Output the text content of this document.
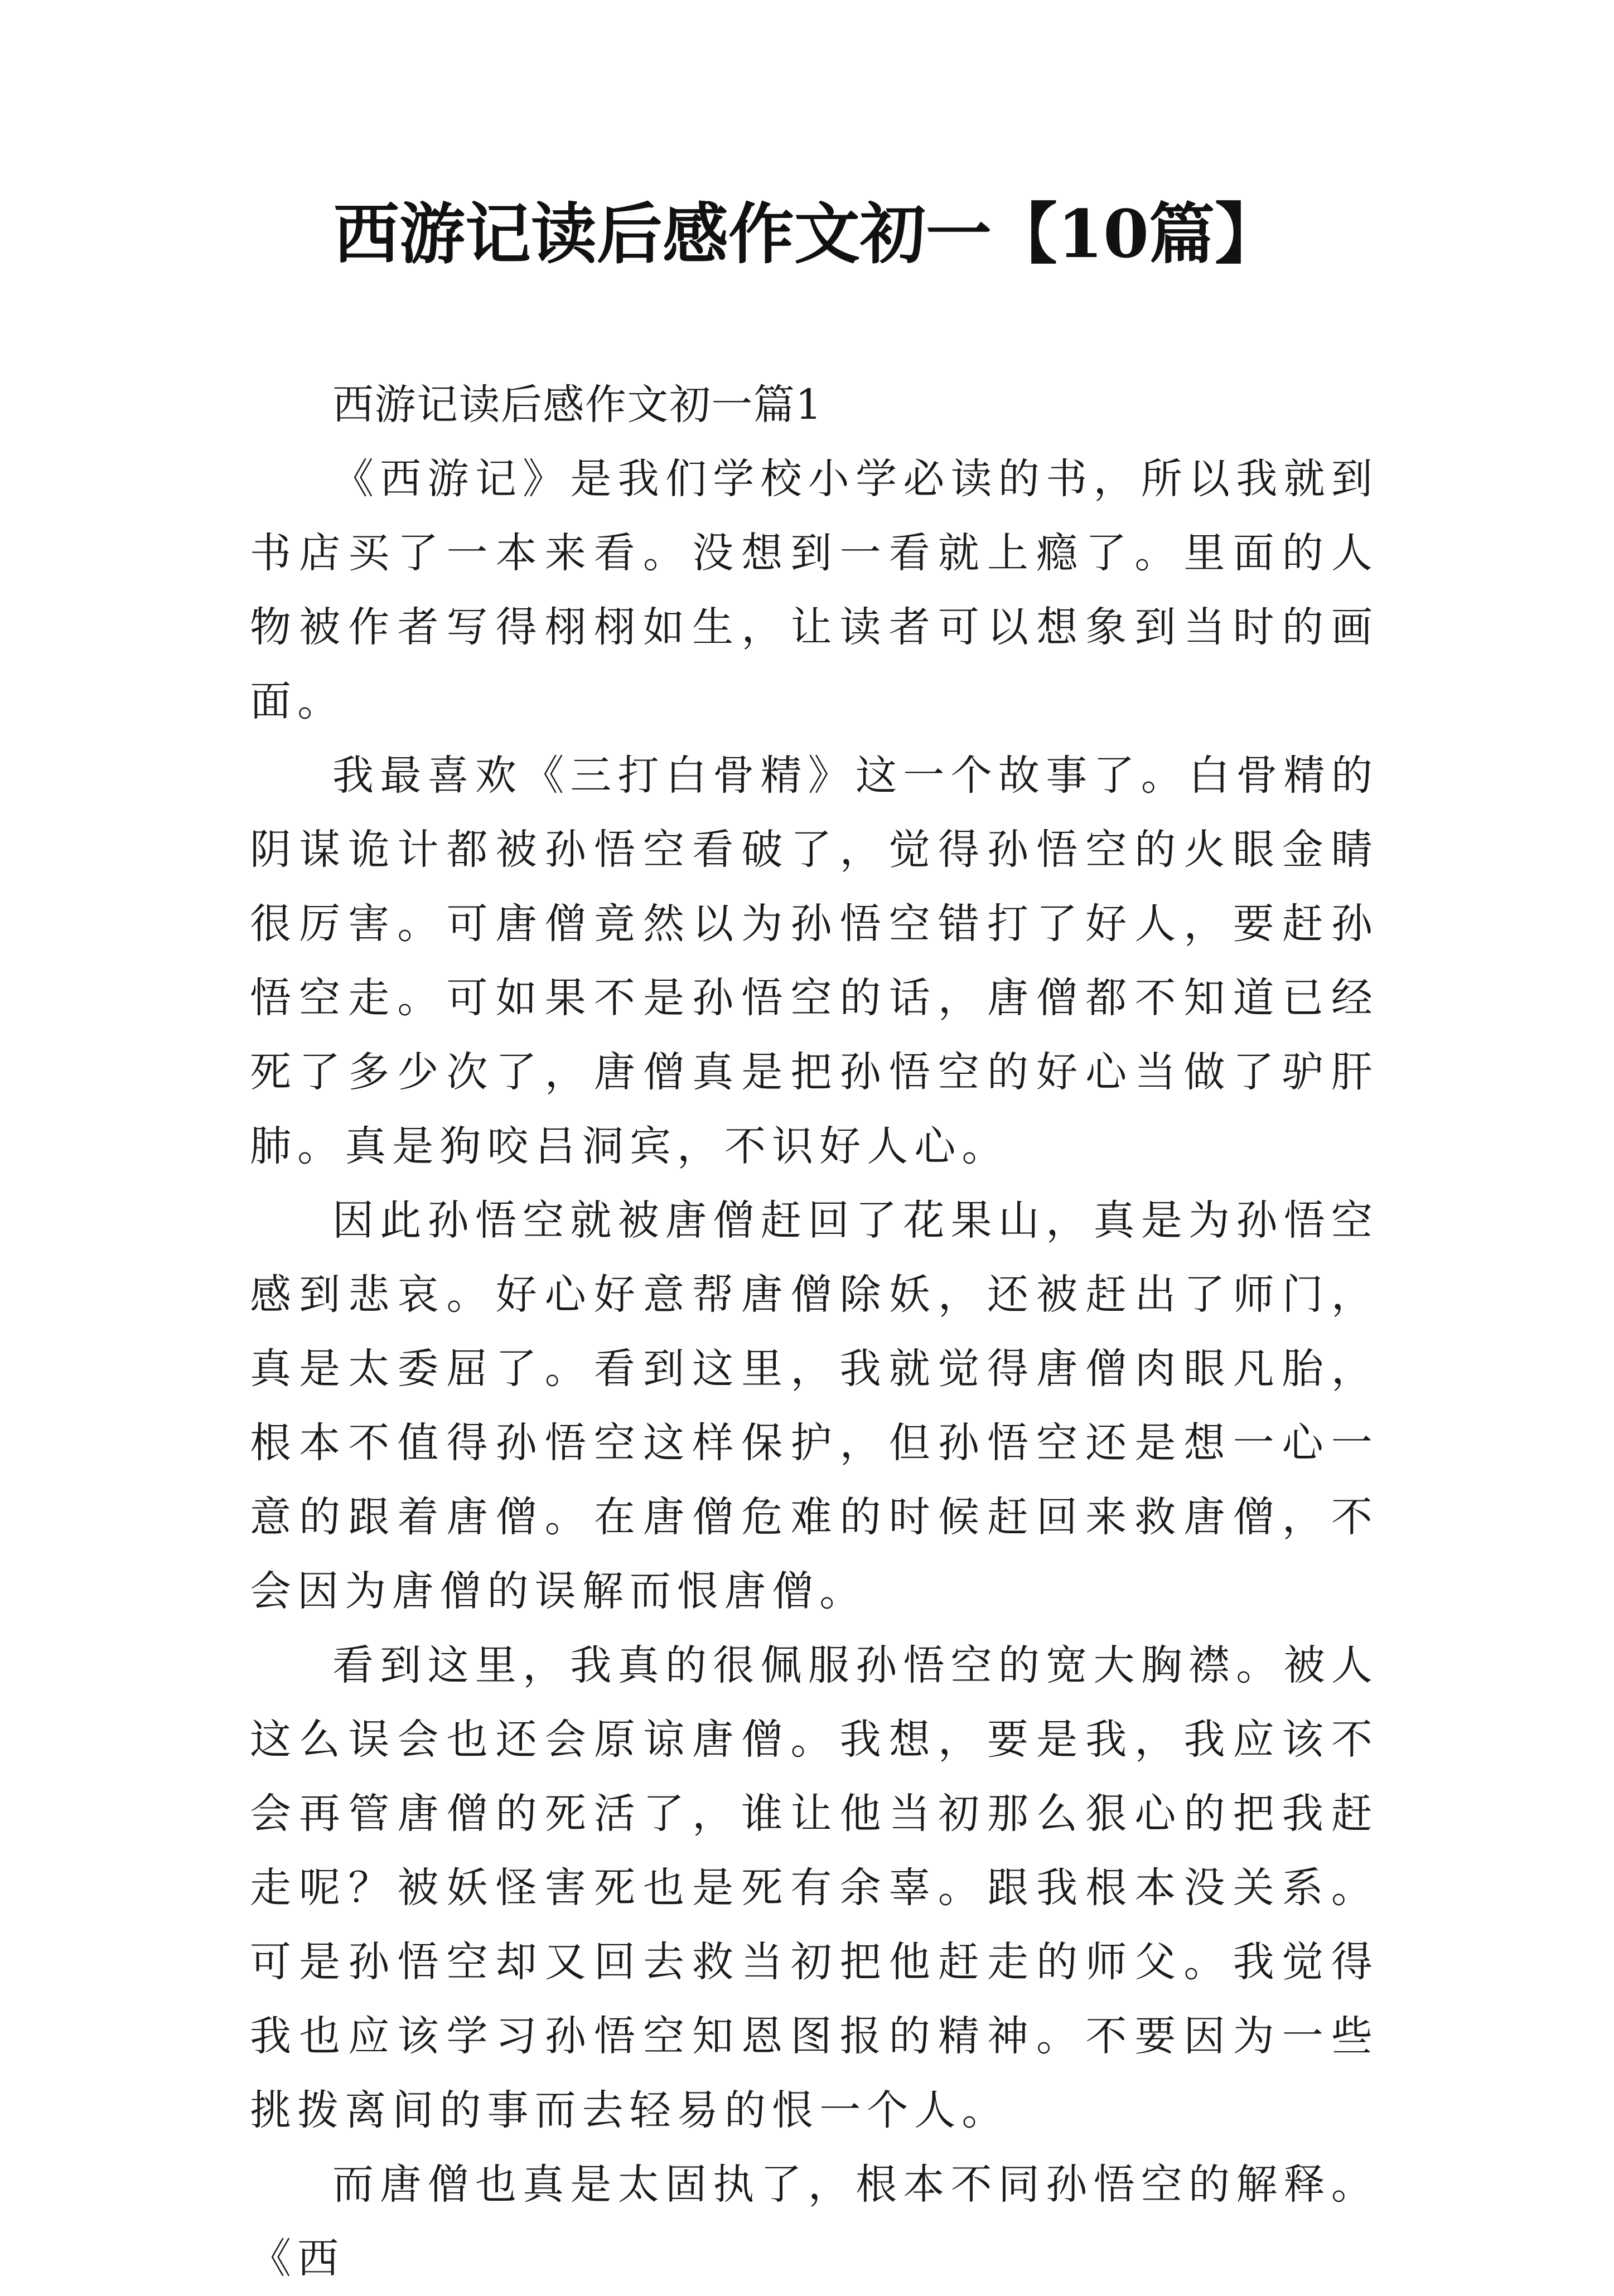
西游记读后感作文初一【10篇】

西游记读后感作文初一篇1

《西游记》是我们学校小学必读的书，所以我就到书店买了一本来看。没想到一看就上瘾了。里面的人物被作者写得栩栩如生，让读者可以想象到当时的画面。

我最喜欢《三打白骨精》这一个故事了。白骨精的阴谋诡计都被孙悟空看破了，觉得孙悟空的火眼金睛很厉害。可唐僧竟然以为孙悟空错打了好人，要赶孙悟空走。可如果不是孙悟空的话，唐僧都不知道已经死了多少次了，唐僧真是把孙悟空的好心当做了驴肝肺。真是狗咬吕洞宾，不识好人心。

因此孙悟空就被唐僧赶回了花果山，真是为孙悟空感到悲哀。好心好意帮唐僧除妖，还被赶出了师门，真是太委屈了。看到这里，我就觉得唐僧肉眼凡胎，根本不值得孙悟空这样保护，但孙悟空还是想一心一意的跟着唐僧。在唐僧危难的时候赶回来救唐僧，不会因为唐僧的误解而恨唐僧。

看到这里，我真的很佩服孙悟空的宽大胸襟。被人这么误会也还会原谅唐僧。我想，要是我，我应该不会再管唐僧的死活了，谁让他当初那么狠心的把我赶走呢？被妖怪害死也是死有余辜。跟我根本没关系。可是孙悟空却又回去救当初把他赶走的师父。我觉得我也应该学习孙悟空知恩图报的精神。不要因为一些挑拨离间的事而去轻易的恨一个人。

而唐僧也真是太固执了，根本不同孙悟空的解释。《西
